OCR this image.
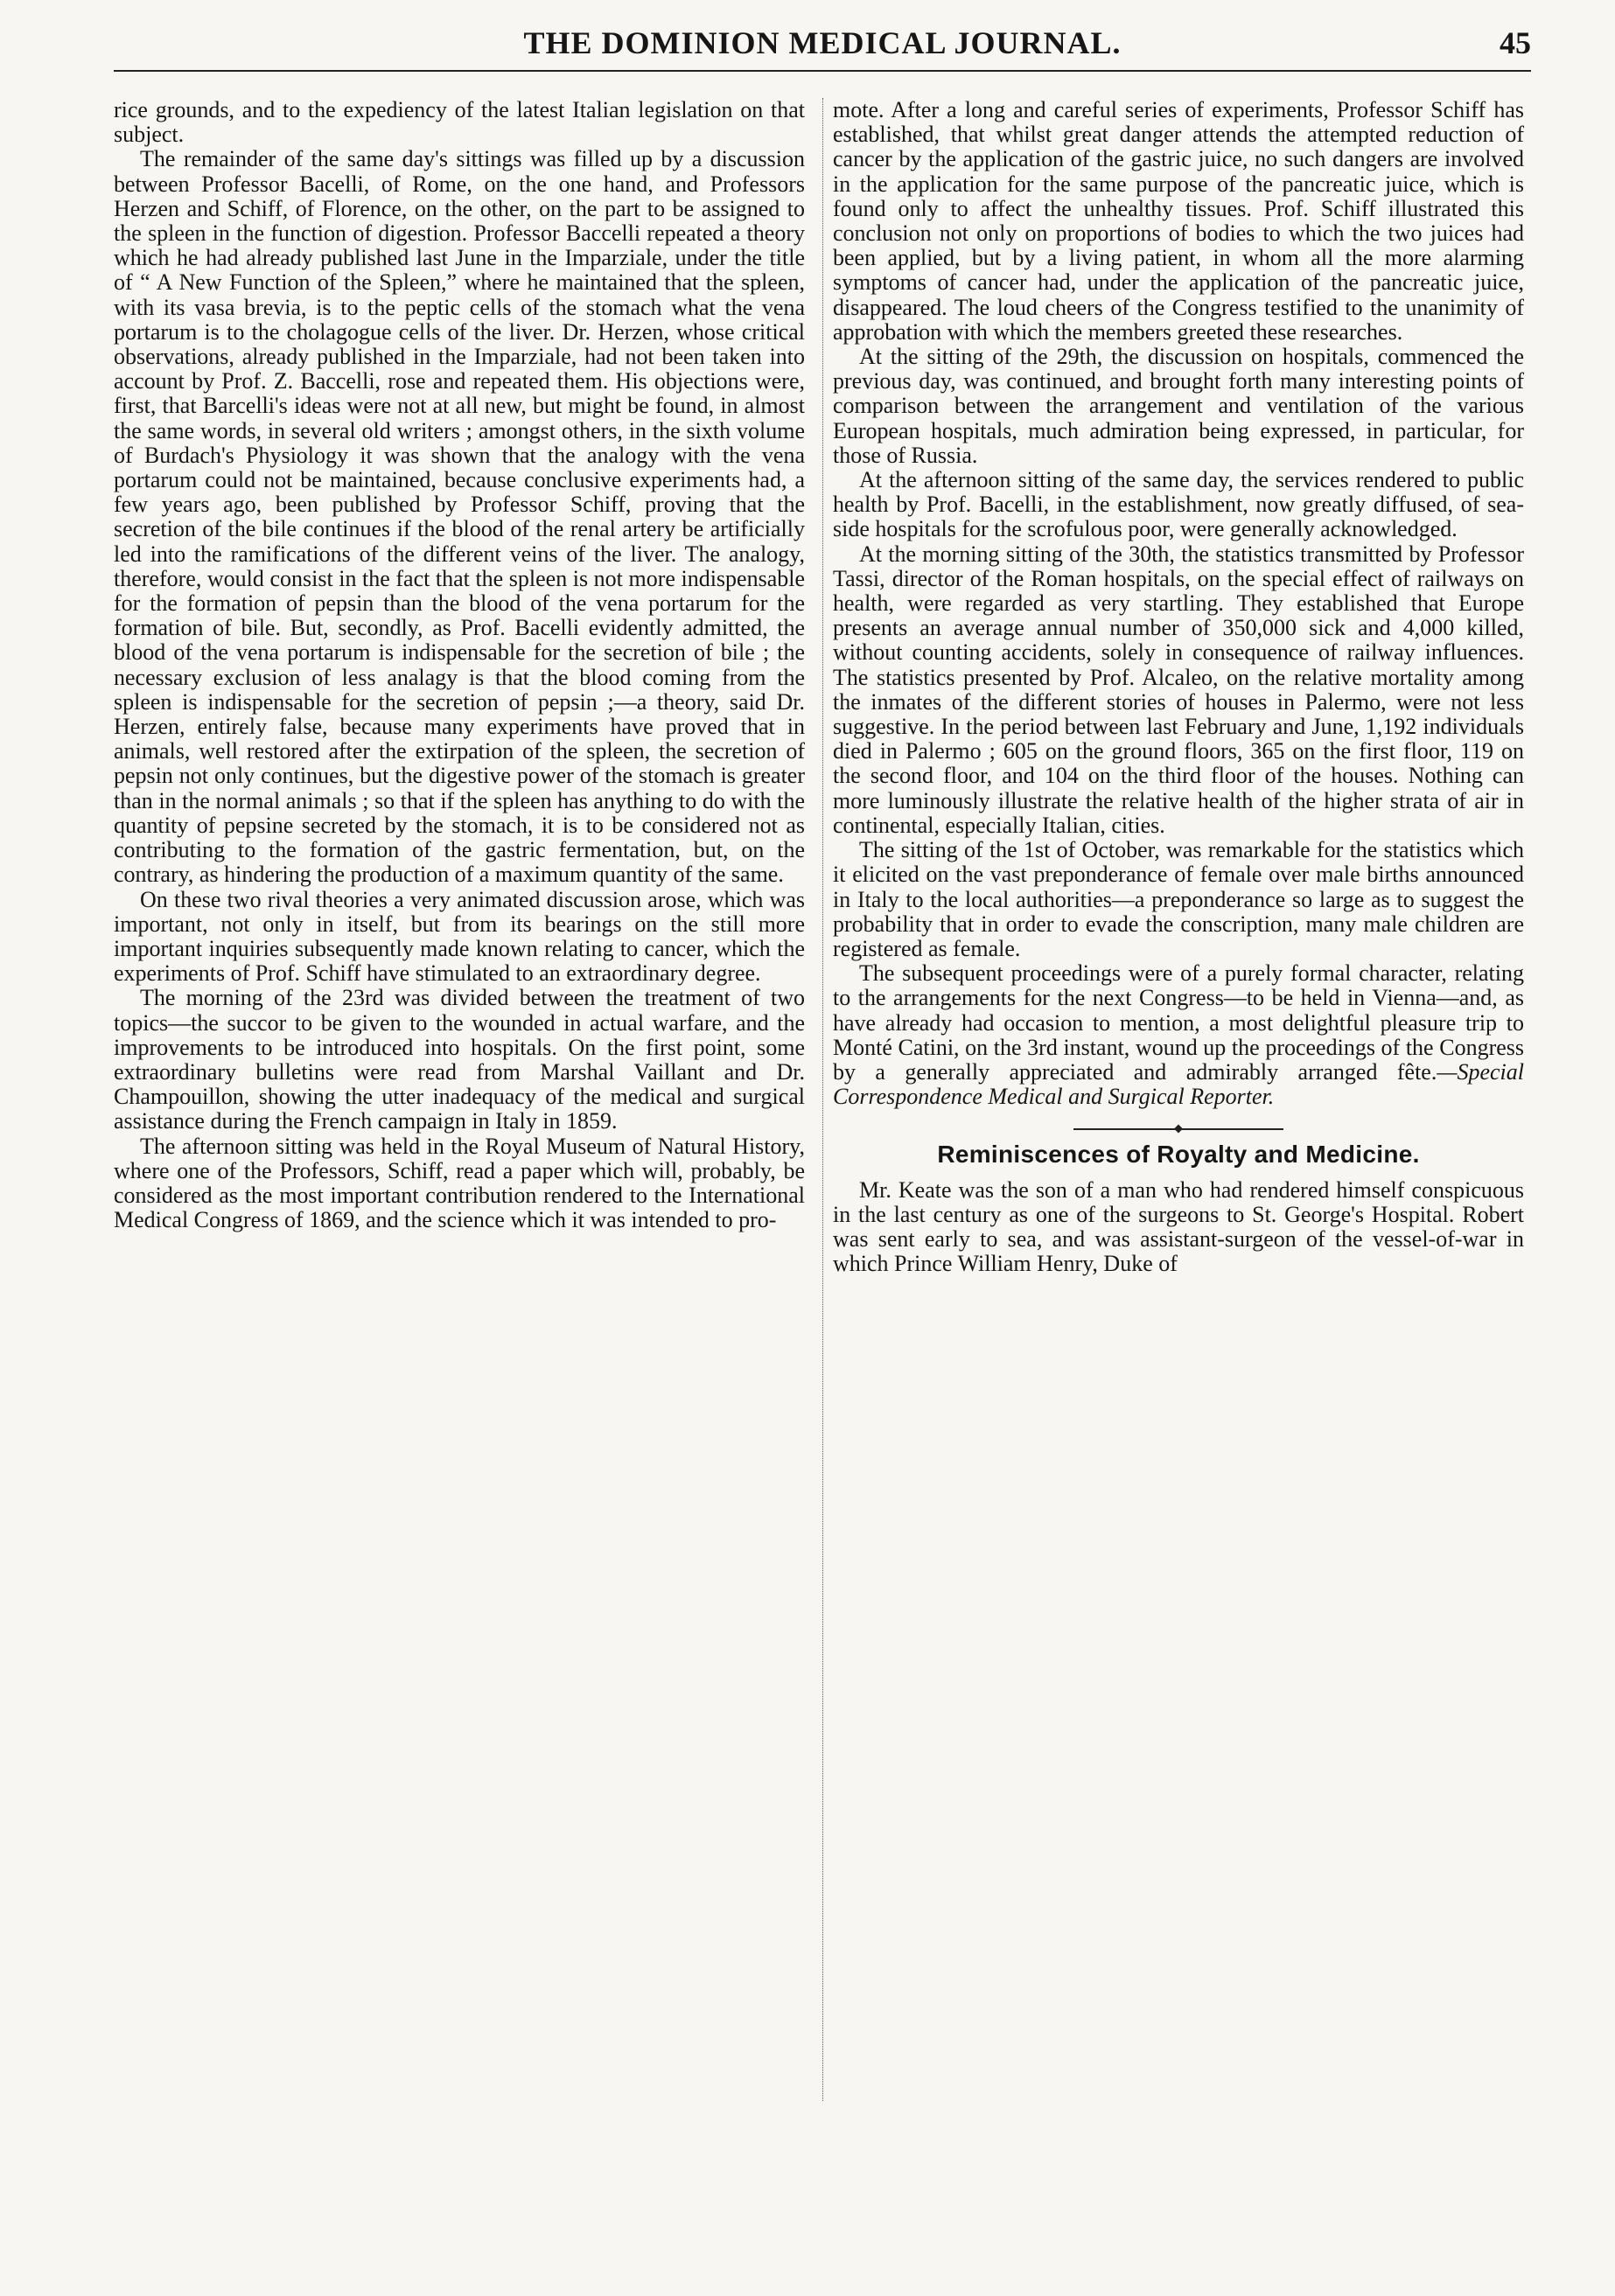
THE DOMINION MEDICAL JOURNAL.	45

rice grounds, and to the expediency of the latest Italian legislation on that subject.

The remainder of the same day's sittings was filled up by a discussion between Professor Bacelli, of Rome, on the one hand, and Professors Herzen and Schiff, of Florence, on the other, on the part to be assigned to the spleen in the function of digestion. Professor Baccelli repeated a theory which he had already published last June in the Imparziale, under the title of “ A New Function of the Spleen,” where he maintained that the spleen, with its vasa brevia, is to the peptic cells of the stomach what the vena portarum is to the cholagogue cells of the liver. Dr. Herzen, whose critical observations, already published in the Imparziale, had not been taken into account by Prof. Z. Baccelli, rose and repeated them. His objections were, first, that Barcelli's ideas were not at all new, but might be found, in almost the same words, in several old writers ; amongst others, in the sixth volume of Burdach's Physiology it was shown that the analogy with the vena portarum could not be maintained, because conclusive experiments had, a few years ago, been published by Professor Schiff, proving that the secretion of the bile continues if the blood of the renal artery be artificially led into the ramifications of the different veins of the liver. The analogy, therefore, would consist in the fact that the spleen is not more indispensable for the formation of pepsin than the blood of the vena portarum for the formation of bile. But, secondly, as Prof. Bacelli evidently admitted, the blood of the vena portarum is indispensable for the secretion of bile ; the necessary exclusion of less analagy is that the blood coming from the spleen is indispensable for the secretion of pepsin ;—a theory, said Dr. Herzen, entirely false, because many experiments have proved that in animals, well restored after the extirpation of the spleen, the secretion of pepsin not only continues, but the digestive power of the stomach is greater than in the normal animals ; so that if the spleen has anything to do with the quantity of pepsine secreted by the stomach, it is to be considered not as contributing to the formation of the gastric fermentation, but, on the contrary, as hindering the production of a maximum quantity of the same.

On these two rival theories a very animated discussion arose, which was important, not only in itself, but from its bearings on the still more important inquiries subsequently made known relating to cancer, which the experiments of Prof. Schiff have stimulated to an extraordinary degree.

The morning of the 23rd was divided between the treatment of two topics—the succor to be given to the wounded in actual warfare, and the improvements to be introduced into hospitals. On the first point, some extraordinary bulletins were read from Marshal Vaillant and Dr. Champouillon, showing the utter inadequacy of the medical and surgical assistance during the French campaign in Italy in 1859.

The afternoon sitting was held in the Royal Museum of Natural History, where one of the Professors, Schiff, read a paper which will, probably, be considered as the most important contribution rendered to the International Medical Congress of 1869, and the science which it was intended to pro-

mote. After a long and careful series of experiments, Professor Schiff has established, that whilst great danger attends the attempted reduction of cancer by the application of the gastric juice, no such dangers are involved in the application for the same purpose of the pancreatic juice, which is found only to affect the unhealthy tissues. Prof. Schiff illustrated this conclusion not only on proportions of bodies to which the two juices had been applied, but by a living patient, in whom all the more alarming symptoms of cancer had, under the application of the pancreatic juice, disappeared. The loud cheers of the Congress testified to the unanimity of approbation with which the members greeted these researches.

At the sitting of the 29th, the discussion on hospitals, commenced the previous day, was continued, and brought forth many interesting points of comparison between the arrangement and ventilation of the various European hospitals, much admiration being expressed, in particular, for those of Russia.

At the afternoon sitting of the same day, the services rendered to public health by Prof. Bacelli, in the establishment, now greatly diffused, of sea-side hospitals for the scrofulous poor, were generally acknowledged.

At the morning sitting of the 30th, the statistics transmitted by Professor Tassi, director of the Roman hospitals, on the special effect of railways on health, were regarded as very startling. They established that Europe presents an average annual number of 350,000 sick and 4,000 killed, without counting accidents, solely in consequence of railway influences. The statistics presented by Prof. Alcaleo, on the relative mortality among the inmates of the different stories of houses in Palermo, were not less suggestive. In the period between last February and June, 1,192 individuals died in Palermo ; 605 on the ground floors, 365 on the first floor, 119 on the second floor, and 104 on the third floor of the houses. Nothing can more luminously illustrate the relative health of the higher strata of air in continental, especially Italian, cities.

The sitting of the 1st of October, was remarkable for the statistics which it elicited on the vast preponderance of female over male births announced in Italy to the local authorities—a preponderance so large as to suggest the probability that in order to evade the conscription, many male children are registered as female.

The subsequent proceedings were of a purely formal character, relating to the arrangements for the next Congress—to be held in Vienna—and, as have already had occasion to mention, a most delightful pleasure trip to Monté Catini, on the 3rd instant, wound up the proceedings of the Congress by a generally appreciated and admirably arranged fête.—Special Correspondence Medical and Surgical Reporter.

Reminiscences of Royalty and Medicine.

Mr. Keate was the son of a man who had rendered himself conspicuous in the last century as one of the surgeons to St. George's Hospital. Robert was sent early to sea, and was assistant-surgeon of the vessel-of-war in which Prince William Henry, Duke of
